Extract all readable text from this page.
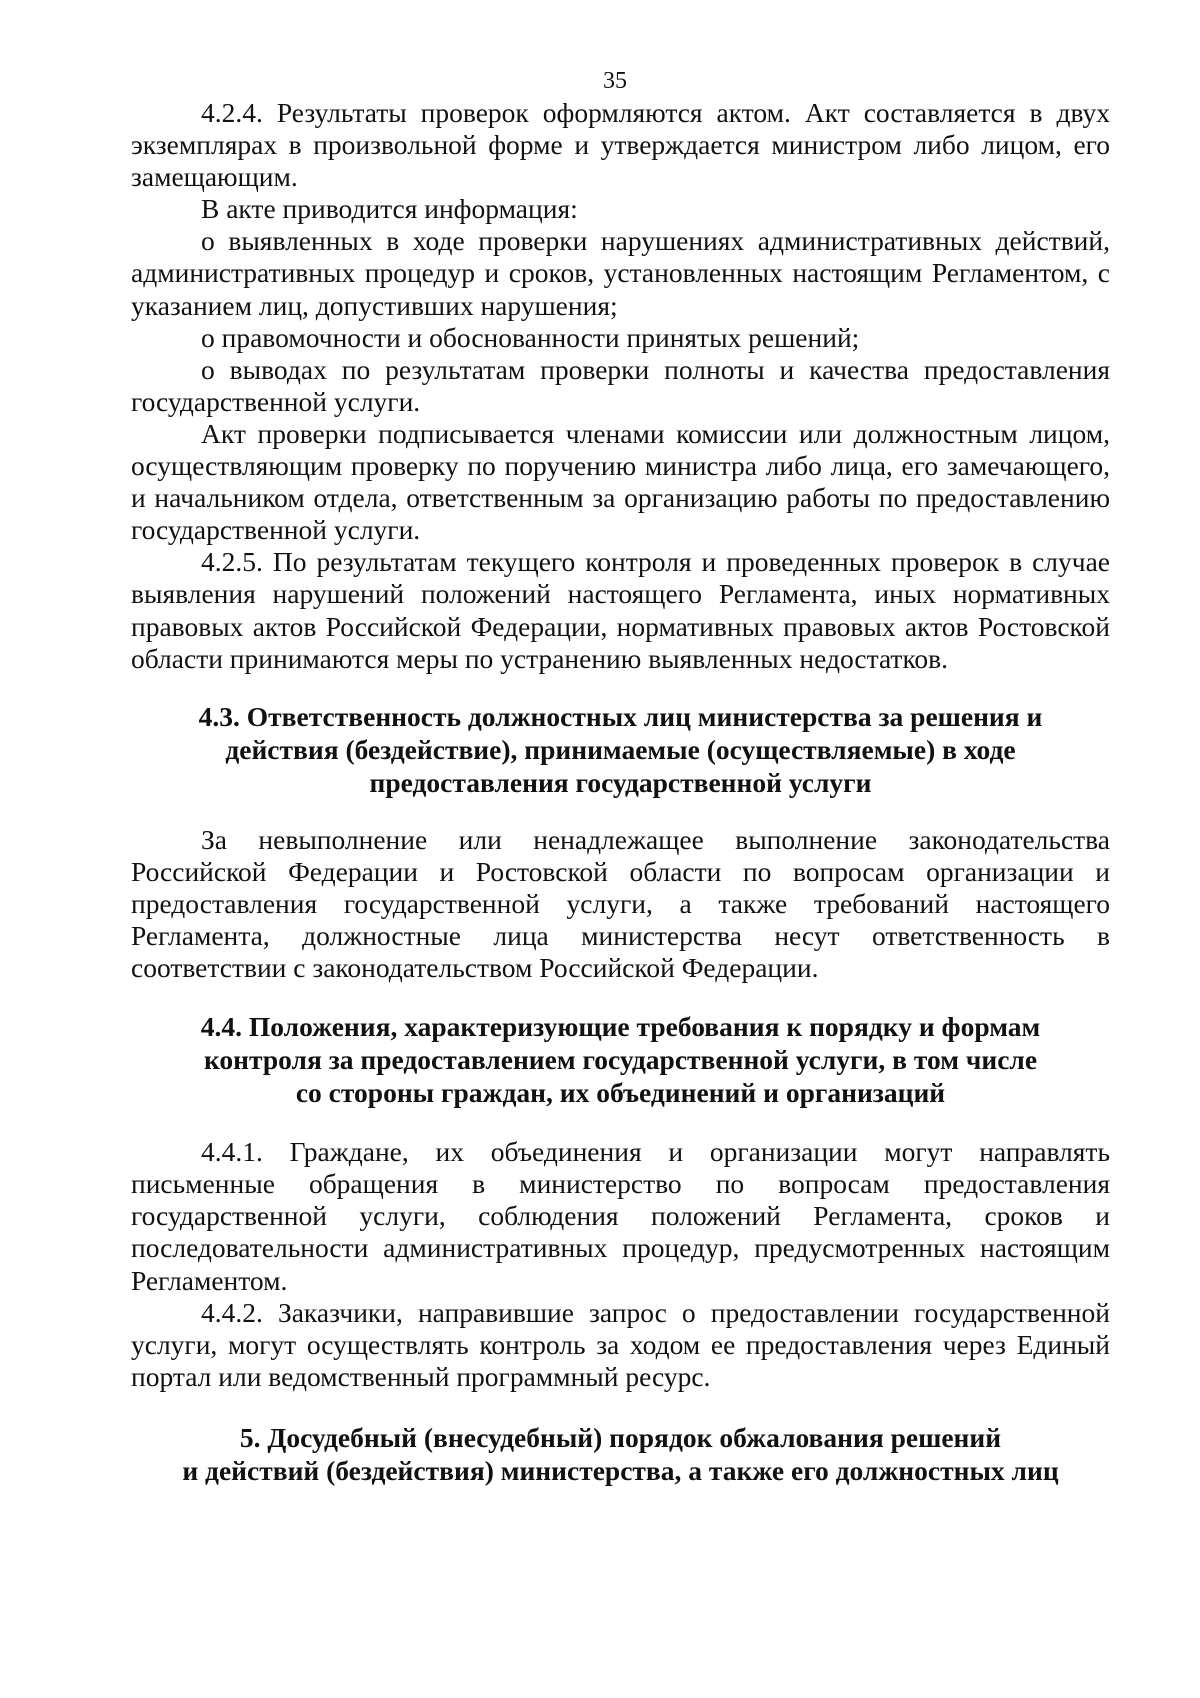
35

4.2.4. Результаты проверок оформляются актом. Акт составляется в двух экземплярах в произвольной форме и утверждается министром либо лицом, его замещающим.

В акте приводится информация:

о выявленных в ходе проверки нарушениях административных действий, административных процедур и сроков, установленных настоящим Регламентом, с указанием лиц, допустивших нарушения;

о правомочности и обоснованности принятых решений;

о выводах по результатам проверки полноты и качества предоставления государственной услуги.

Акт проверки подписывается членами комиссии или должностным лицом, осуществляющим проверку по поручению министра либо лица, его замечающего, и начальником отдела, ответственным за организацию работы по предоставлению государственной услуги.

4.2.5. По результатам текущего контроля и проведенных проверок в случае выявления нарушений положений настоящего Регламента, иных нормативных правовых актов Российской Федерации, нормативных правовых актов Ростовской области принимаются меры по устранению выявленных недостатков.

4.3. Ответственность должностных лиц министерства за решения и
действия (бездействие), принимаемые (осуществляемые) в ходе
предоставления государственной услуги

За невыполнение или ненадлежащее выполнение законодательства Российской Федерации и Ростовской области по вопросам организации и предоставления государственной услуги, а также требований настоящего Регламента, должностные лица министерства несут ответственность в соответствии с законодательством Российской Федерации.

4.4. Положения, характеризующие требования к порядку и формам
контроля за предоставлением государственной услуги, в том числе
со стороны граждан, их объединений и организаций

4.4.1. Граждане, их объединения и организации могут направлять письменные обращения в министерство по вопросам предоставления государственной услуги, соблюдения положений Регламента, сроков и последовательности административных процедур, предусмотренных настоящим Регламентом.

4.4.2. Заказчики, направившие запрос о предоставлении государственной услуги, могут осуществлять контроль за ходом ее предоставления через Единый портал или ведомственный программный ресурс.

5. Досудебный (внесудебный) порядок обжалования решений
и действий (бездействия) министерства, а также его должностных лиц
